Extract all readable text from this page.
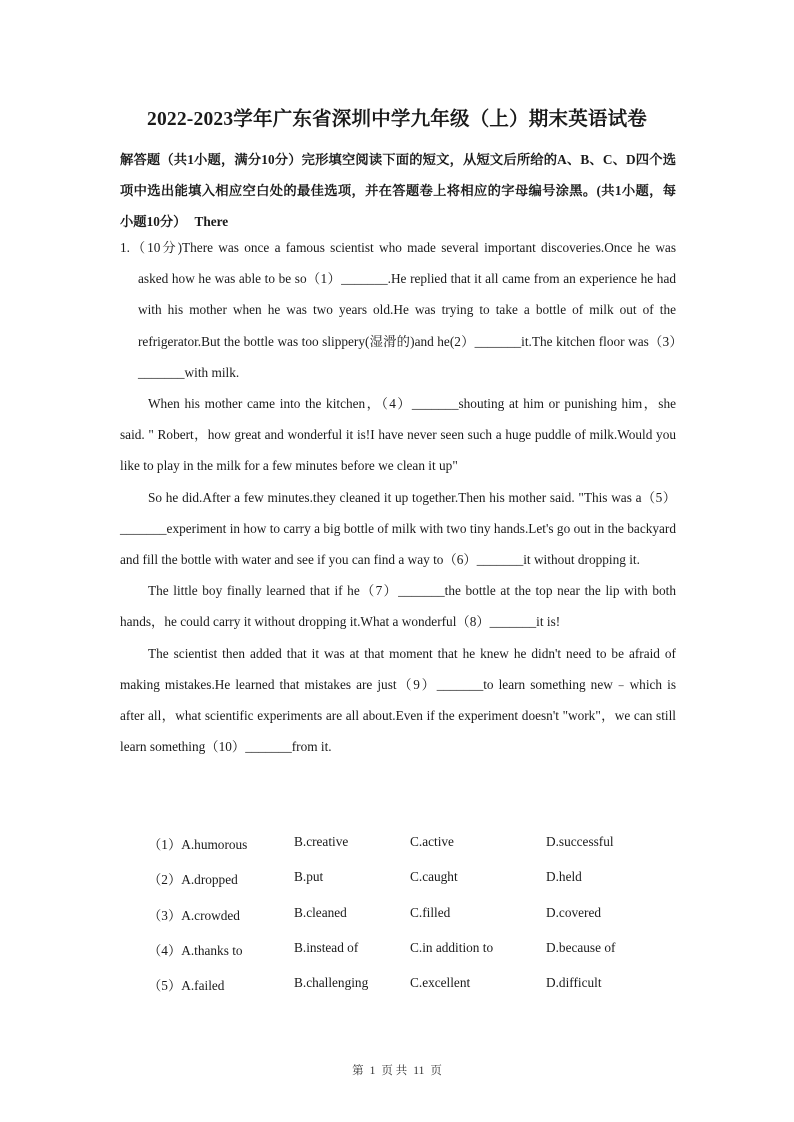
2022-2023学年广东省深圳中学九年级（上）期末英语试卷
解答题（共1小题，满分10分）完形填空阅读下面的短文，从短文后所给的A、B、C、D四个选项中选出能填入相应空白处的最佳选项，并在答题卷上将相应的字母编号涂黑。(共1小题，每小题10分） There

1.（10分)There was once a famous scientist who made several important discoveries.Once he was asked how he was able to be so（1）_______.He replied that it all came from an experience he had with his mother when he was two years old.He was trying to take a bottle of milk out of the refrigerator.But the bottle was too slippery(湿滑的)and he(2）_______it.The kitchen floor was（3）_______with milk.

When his mother came into the kitchen，（4）_______shouting at him or punishing him，she said. " Robert，how great and wonderful it is!I have never seen such a huge puddle of milk.Would you like to play in the milk for a few minutes before we clean it up"

So he did.After a few minutes.they cleaned it up together.Then his mother said. "This was a（5）_______experiment in how to carry a big bottle of milk with two tiny hands.Let's go out in the backyard and fill the bottle with water and see if you can find a way to（6）_______it without dropping it.

The little boy finally learned that if he（7）_______the bottle at the top near the lip with both hands，he could carry it without dropping it.What a wonderful（8）_______it is!

The scientist then added that it was at that moment that he knew he didn't need to be afraid of making mistakes.He learned that mistakes are just（9）_______to learn something new﹣which is after all，what scientific experiments are all about.Even if the experiment doesn't "work"，we can still learn something（10）_______from it.

（1）A.humorous	B.creative	C.active	D.successful
（2）A.dropped	B.put	C.caught	D.held
（3）A.crowded	B.cleaned	C.filled	D.covered
（4）A.thanks to	B.instead of	C.in addition to	D.because of
（5）A.failed	B.challenging	C.excellent	D.difficult
第 1 页 共 11 页
